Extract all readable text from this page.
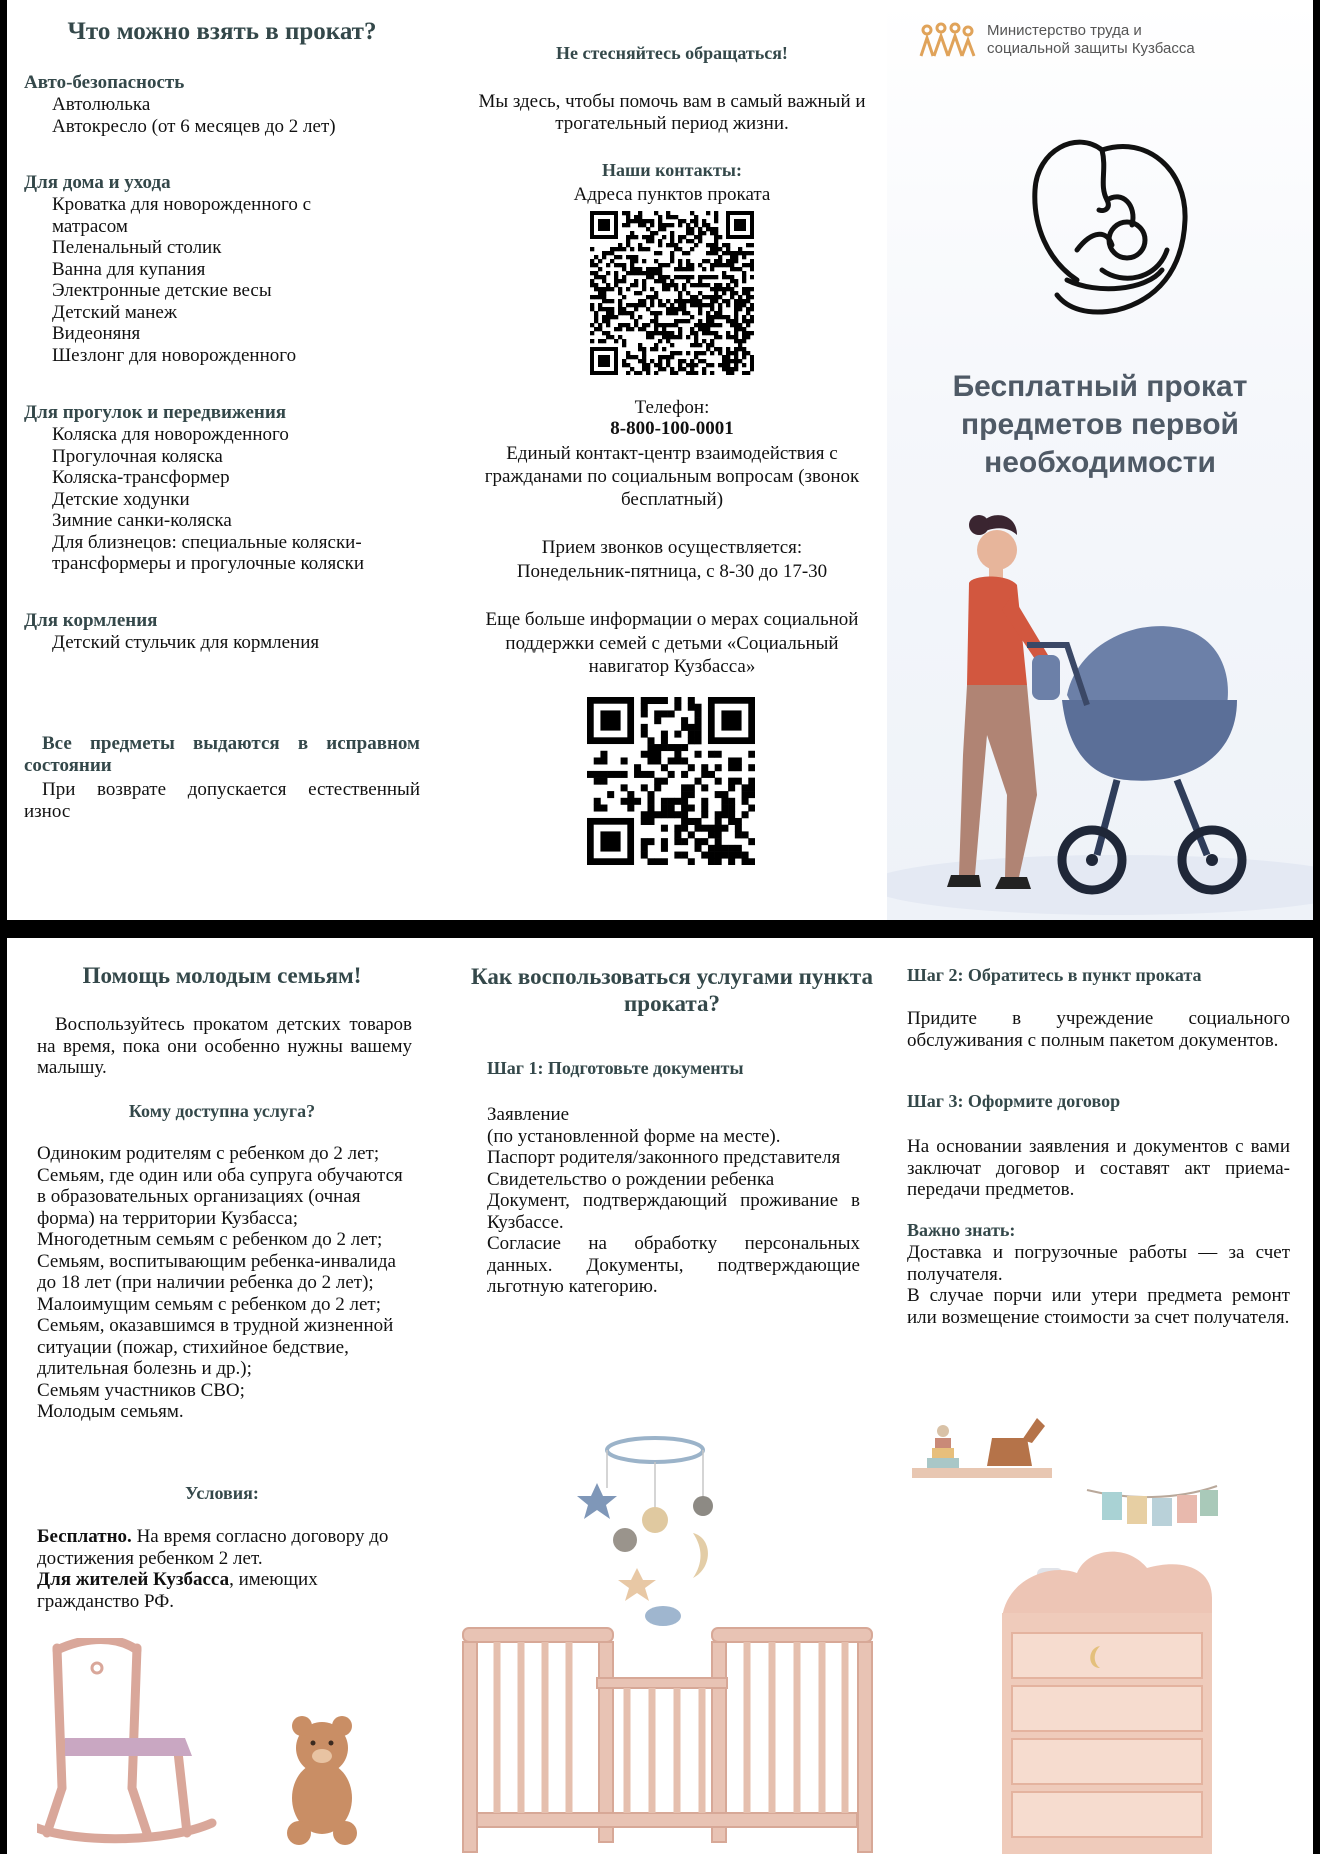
Что можно взять в прокат?

Авто-безопасность

Автолюлька

Автокресло (от 6 месяцев до 2 лет)

Для дома и ухода

Кроватка для новорожденного с матрасом

Пеленальный столик

Ванна для купания

Электронные детские весы

Детский манеж

Видеоняня

Шезлонг для новорожденного

Для прогулок и передвижения

Коляска для новорожденного

Прогулочная коляска

Коляска-трансформер

Детские ходунки

Зимние санки-коляска

Для близнецов: специальные коляски-трансформеры и прогулочные коляски

Для кормления

Детский стульчик для кормления

Все предметы выдаются в исправном состоянии

При возврате допускается естественный износ

Не стесняйтесь обращаться!

Мы здесь, чтобы помочь вам в самый важный и трогательный период жизни.

Наши контакты:

Адреса пунктов проката

Телефон:

8-800-100-0001

Единый контакт-центр взаимодействия с гражданами по социальным вопросам (звонок бесплатный)

Прием звонков осуществляется:

Понедельник-пятница, с 8-30 до 17-30

Еще больше информации о мерах социальной поддержки семей с детьми «Социальный навигатор Кузбасса»

Министерство труда и социальной защиты Кузбасса
Бесплатный прокат предметов первой необходимости
Помощь молодым семьям!

Воспользуйтесь прокатом детских товаров на время, пока они особенно нужны вашему малышу.

Кому доступна услуга?

Одиноким родителям с ребенком до 2 лет;

Семьям, где один или оба супруга обучаются в образовательных организациях (очная форма) на территории Кузбасса;

Многодетным семьям с ребенком до 2 лет;

Семьям, воспитывающим ребенка-инвалида до 18 лет (при наличии ребенка до 2 лет);

Малоимущим семьям с ребенком до 2 лет;

Семьям, оказавшимся в трудной жизненной ситуации (пожар, стихийное бедствие, длительная болезнь и др.);

Семьям участников СВО;

Молодым семьям.

Условия:

Бесплатно. На время согласно договору до достижения ребенком 2 лет.

Для жителей Кузбасса, имеющих гражданство РФ.

Как воспользоваться услугами пункта проката?

Шаг 1: Подготовьте документы

Заявление

(по установленной форме на месте).

Паспорт родителя/законного представителя

Свидетельство о рождении ребенка

Документ, подтверждающий проживание в Кузбассе.

Согласие на обработку персональных данных. Документы, подтверждающие льготную категорию.

Шаг 2: Обратитесь в пункт проката

Придите в учреждение социального обслуживания с полным пакетом документов.

Шаг 3: Оформите договор

На основании заявления и документов с вами заключат договор и составят акт приема-передачи предметов.

Важно знать:

Доставка и погрузочные работы — за счет получателя.

В случае порчи или утери предмета ремонт или возмещение стоимости за счет получателя.
